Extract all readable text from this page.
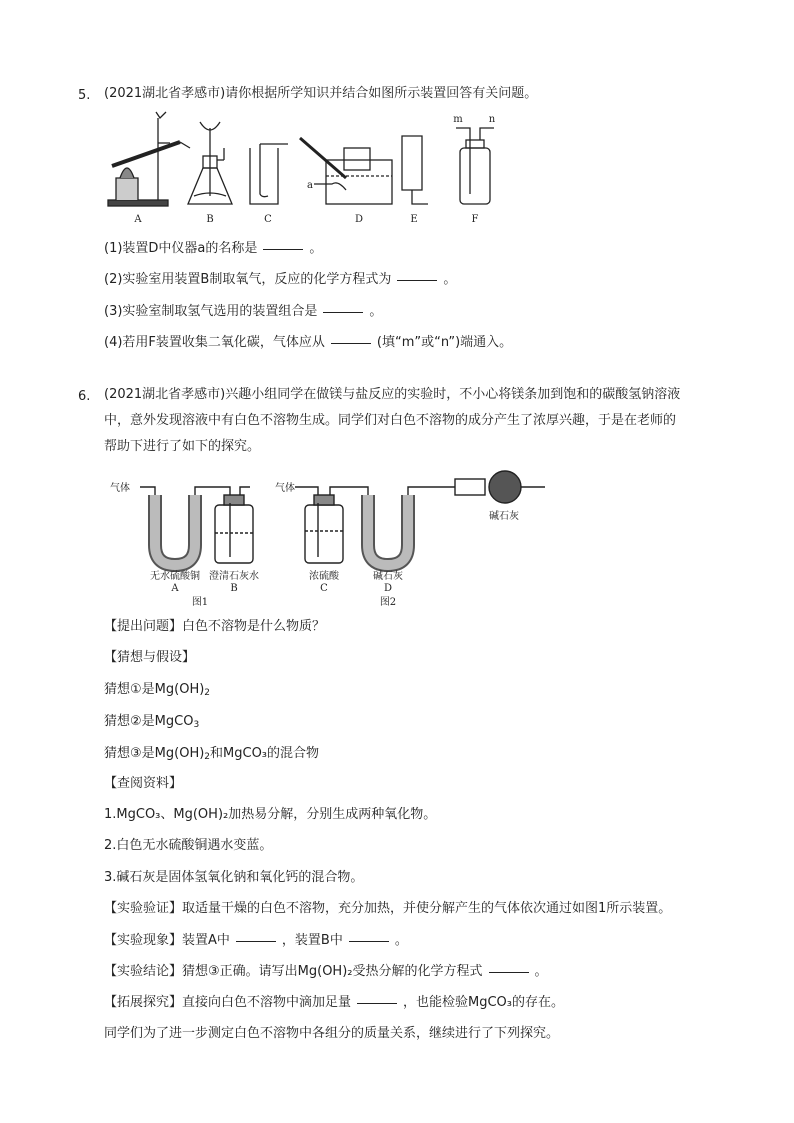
5. (2021湖北省孝感市)请你根据所学知识并结合如图所示装置回答有关问题。
A	B	C	D	E	F
m	n
a
(1)装置D中仪器a的名称是	。
(2)实验室用装置B制取氧气，反应的化学方程式为	。
(3)实验室制取氢气选用的装置组合是	。
(4)若用F装置收集二氧化碳，气体应从	(填“m”或“n”)端通入。
6. (2021湖北省孝感市)兴趣小组同学在做镁与盐反应的实验时，不小心将镁条加到饱和的碳酸氢钠溶液
中，意外发现溶液中有白色不溶物生成。同学们对白色不溶物的成分产生了浓厚兴趣，于是在老师的
帮助下进行了如下的探究。
气体	气体
无水硫酸铜
A
澄清石灰水
B
浓硫酸
C
碱石灰
D
碱石灰
图1	图2
【提出问题】白色不溶物是什么物质？
【猜想与假设】
猜想①是$Mg(OH)_2$
猜想②是MgCO$_3$
猜想③是$Mg(OH)_2$和MgCO₃的混合物
【查阅资料】
1.MgCO₃、Mg(OH)₂加热易分解，分别生成两种氧化物。
2.白色无水硫酸铜遇水变蓝。
3.碱石灰是固体氢氧化钠和氧化钙的混合物。
【实验验证】取适量干燥的白色不溶物，充分加热，并使分解产生的气体依次通过如图1所示装置。
【实验现象】装置A中	，装置B中	。
【实验结论】猜想③正确。请写出Mg(OH)₂受热分解的化学方程式	。
【拓展探究】直接向白色不溶物中滴加足量	，也能检验MgCO₃的存在。
同学们为了进一步测定白色不溶物中各组分的质量关系，继续进行了下列探究。
